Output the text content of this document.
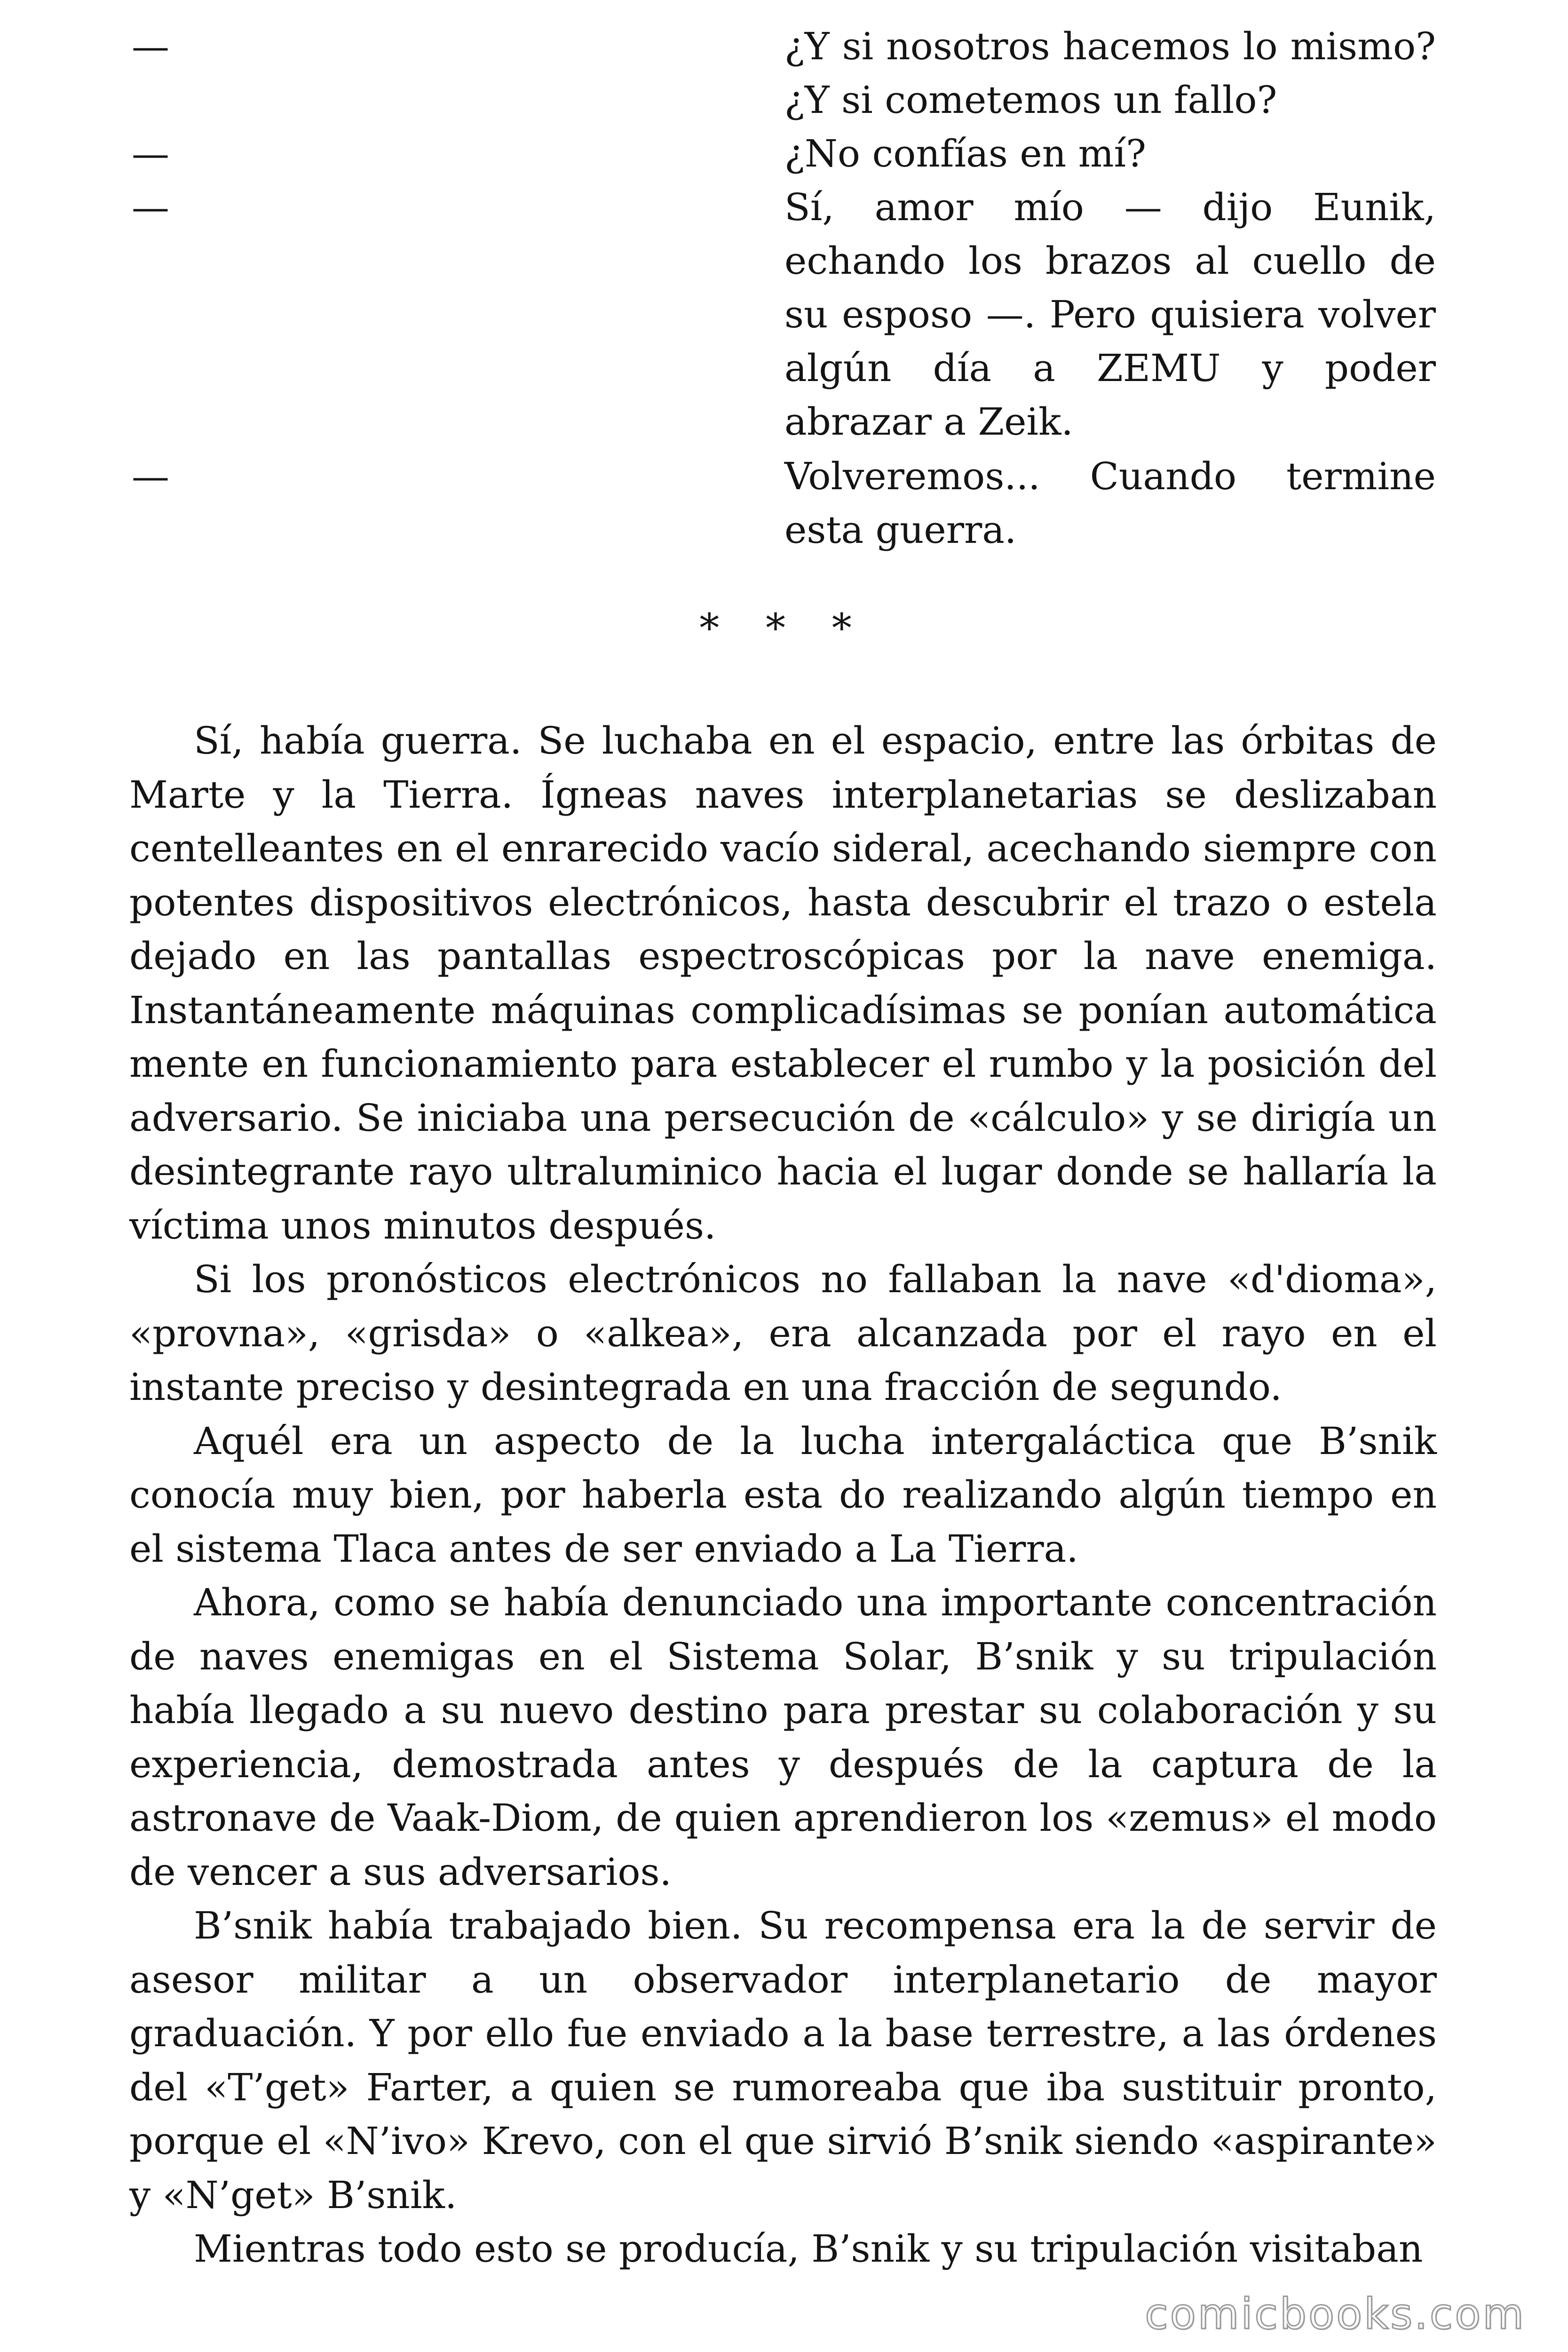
—	¿Y si nosotros hacemos lo mismo? ¿Y si cometemos un fallo?
—	¿No confías en mí?
—	Sí, amor mío — dijo Eunik, echando los brazos al cuello de su esposo —. Pero quisiera volver algún día a ZEMU y poder abrazar a Zeik.
—	Volveremos... Cuando termine esta guerra.
* * *

Sí, había guerra. Se luchaba en el espacio, entre las órbitas de Marte y la Tierra. Ígneas naves interplanetarias se deslizaban centelleantes en el enrarecido vacío sideral, acechando siempre con potentes dispositivos electrónicos, hasta descubrir el trazo o estela dejado en las pantallas espectroscópicas por la nave enemiga. Instantáneamente máquinas complicadísimas se ponían automática mente en funcionamiento para establecer el rumbo y la posición del adversario. Se iniciaba una persecución de «cálculo» y se dirigía un desintegrante rayo ultraluminico hacia el lugar donde se hallaría la víctima unos minutos después.

Si los pronósticos electrónicos no fallaban la nave «d'dioma», «provna», «grisda» o «alkea», era alcanzada por el rayo en el instante preciso y desintegrada en una fracción de segundo.

Aquél era un aspecto de la lucha intergaláctica que B’snik conocía muy bien, por haberla esta do realizando algún tiempo en el sistema Tlaca antes de ser enviado a La Tierra.

Ahora, como se había denunciado una importante concentración de naves enemigas en el Sistema Solar, B’snik y su tripulación había llegado a su nuevo destino para prestar su colaboración y su experiencia, demostrada antes y después de la captura de la astronave de Vaak-Diom, de quien aprendieron los «zemus» el modo de vencer a sus adversarios.

B’snik había trabajado bien. Su recompensa era la de servir de asesor militar a un observador interplanetario de mayor graduación. Y por ello fue enviado a la base terrestre, a las órdenes del «T’get» Farter, a quien se rumoreaba que iba sustituir pronto, porque el «N’ivo» Krevo, con el que sirvió B’snik siendo «aspirante» y «N’get» B’snik.

Mientras todo esto se producía, B’snik y su tripulación visitaban

comicbooks.com
